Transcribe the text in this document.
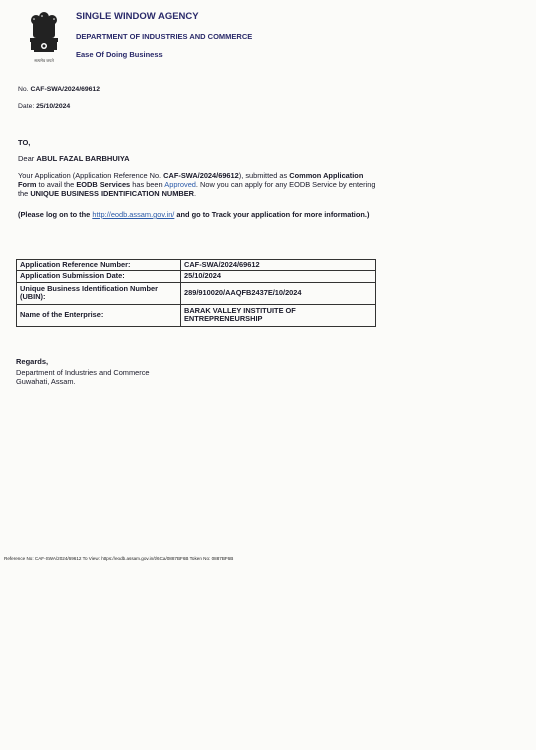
सत्यमेव जयते
SINGLE WINDOW AGENCY
DEPARTMENT OF INDUSTRIES AND COMMERCE
Ease Of Doing Business
No. CAF-SWA/2024/69612
Date: 25/10/2024
TO,
Dear ABUL FAZAL BARBHUIYA

Your Application (Application Reference No. CAF-SWA/2024/69612), submitted as Common Application Form to avail the EODB Services has been Approved. Now you can apply for any EODB Service by entering the UNIQUE BUSINESS IDENTIFICATION NUMBER.

(Please log on to the http://eodb.assam.gov.in/ and go to Track your application for more information.)

Application Reference Number:	CAF-SWA/2024/69612
Application Submission Date:	25/10/2024
Unique Business Identification Number (UBIN):	289/910020/AAQFB2437E/10/2024
Name of the Enterprise:	BARAK VALLEY INSTITUITE OF ENTREPRENEURSHIP
Regards,
Department of Industries and Commerce
Guwahati, Assam.
Reference No: CAF-SWA/2024/69612 To View: https://eodb.assam.gov.in/t/6Ca/0887BF6B Token No: 0887BF6B
